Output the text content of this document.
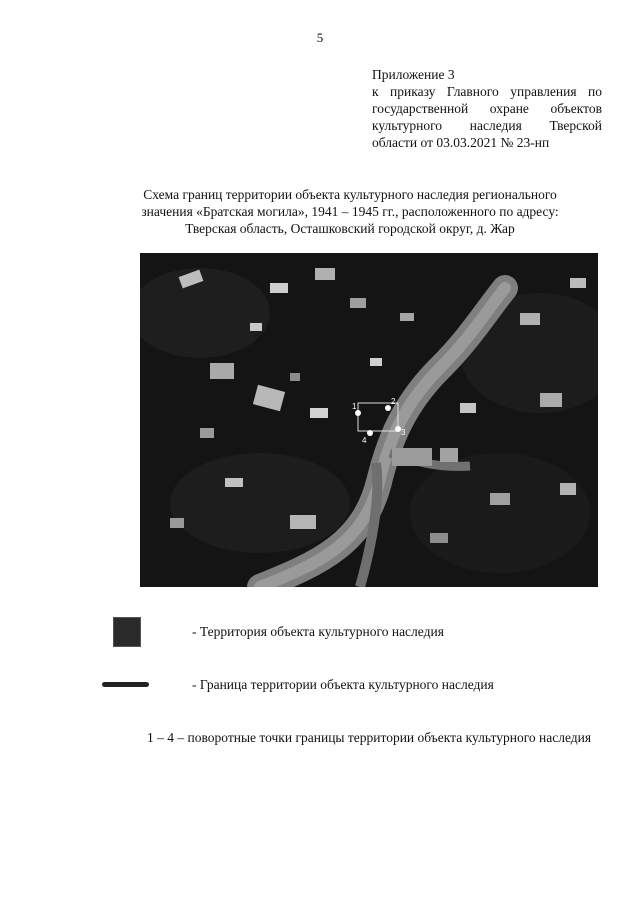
5
Приложение 3
к приказу Главного управления по
государственной охране объектов
культурного наследия Тверской
области от 03.03.2021 № 23-нп
Схема границ территории объекта культурного наследия регионального
значения «Братская могила», 1941 – 1945 гг., расположенного по адресу:
Тверская область, Осташковский городской округ, д. Жар
1
2
3
4
- Территория объекта культурного наследия
- Граница территории объекта культурного наследия
1 – 4 – поворотные точки границы территории объекта культурного наследия
